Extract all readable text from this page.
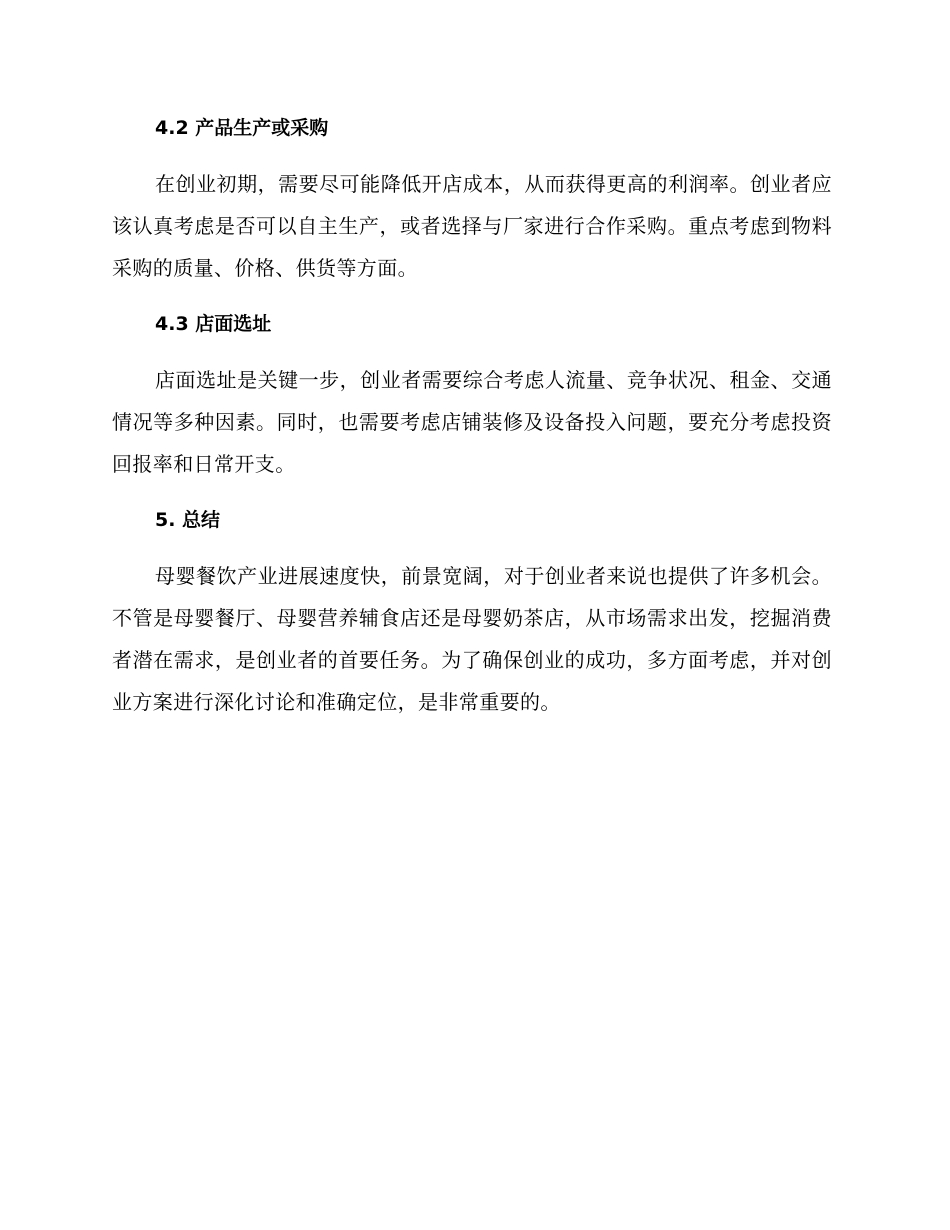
4.2 产品生产或采购

在创业初期，需要尽可能降低开店成本，从而获得更高的利润率。创业者应该认真考虑是否可以自主生产，或者选择与厂家进行合作采购。重点考虑到物料采购的质量、价格、供货等方面。

4.3 店面选址

店面选址是关键一步，创业者需要综合考虑人流量、竞争状况、租金、交通情况等多种因素。同时，也需要考虑店铺装修及设备投入问题，要充分考虑投资回报率和日常开支。

5. 总结

母婴餐饮产业进展速度快，前景宽阔，对于创业者来说也提供了许多机会。不管是母婴餐厅、母婴营养辅食店还是母婴奶茶店，从市场需求出发，挖掘消费者潜在需求，是创业者的首要任务。为了确保创业的成功，多方面考虑，并对创业方案进行深化讨论和准确定位，是非常重要的。
